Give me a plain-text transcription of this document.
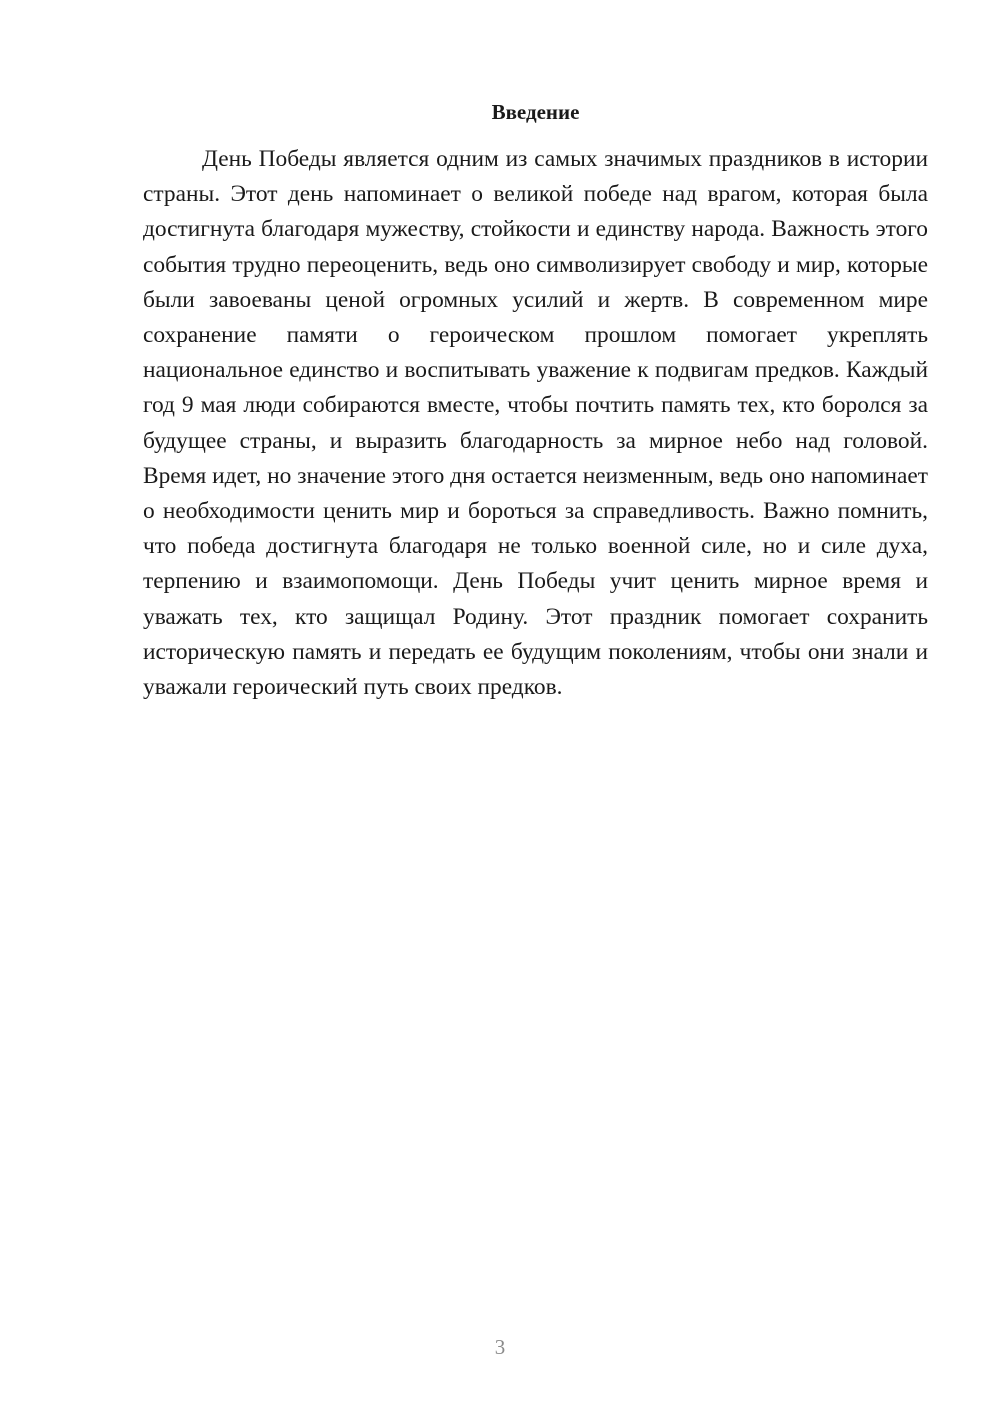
Введение

День Победы является одним из самых значимых праздников в истории страны. Этот день напоминает о великой победе над врагом, которая была достигнута благодаря мужеству, стойкости и единству народа. Важность этого события трудно переоценить, ведь оно символизирует свободу и мир, которые были завоеваны ценой огромных усилий и жертв. В современном мире сохранение памяти о героическом прошлом помогает укреплять национальное единство и воспитывать уважение к подвигам предков. Каждый год 9 мая люди собираются вместе, чтобы почтить память тех, кто боролся за будущее страны, и выразить благодарность за мирное небо над головой. Время идет, но значение этого дня остается неизменным, ведь оно напоминает о необходимости ценить мир и бороться за справедливость. Важно помнить, что победа достигнута благодаря не только военной силе, но и силе духа, терпению и взаимопомощи. День Победы учит ценить мирное время и уважать тех, кто защищал Родину. Этот праздник помогает сохранить историческую память и передать ее будущим поколениям, чтобы они знали и уважали героический путь своих предков.

3
